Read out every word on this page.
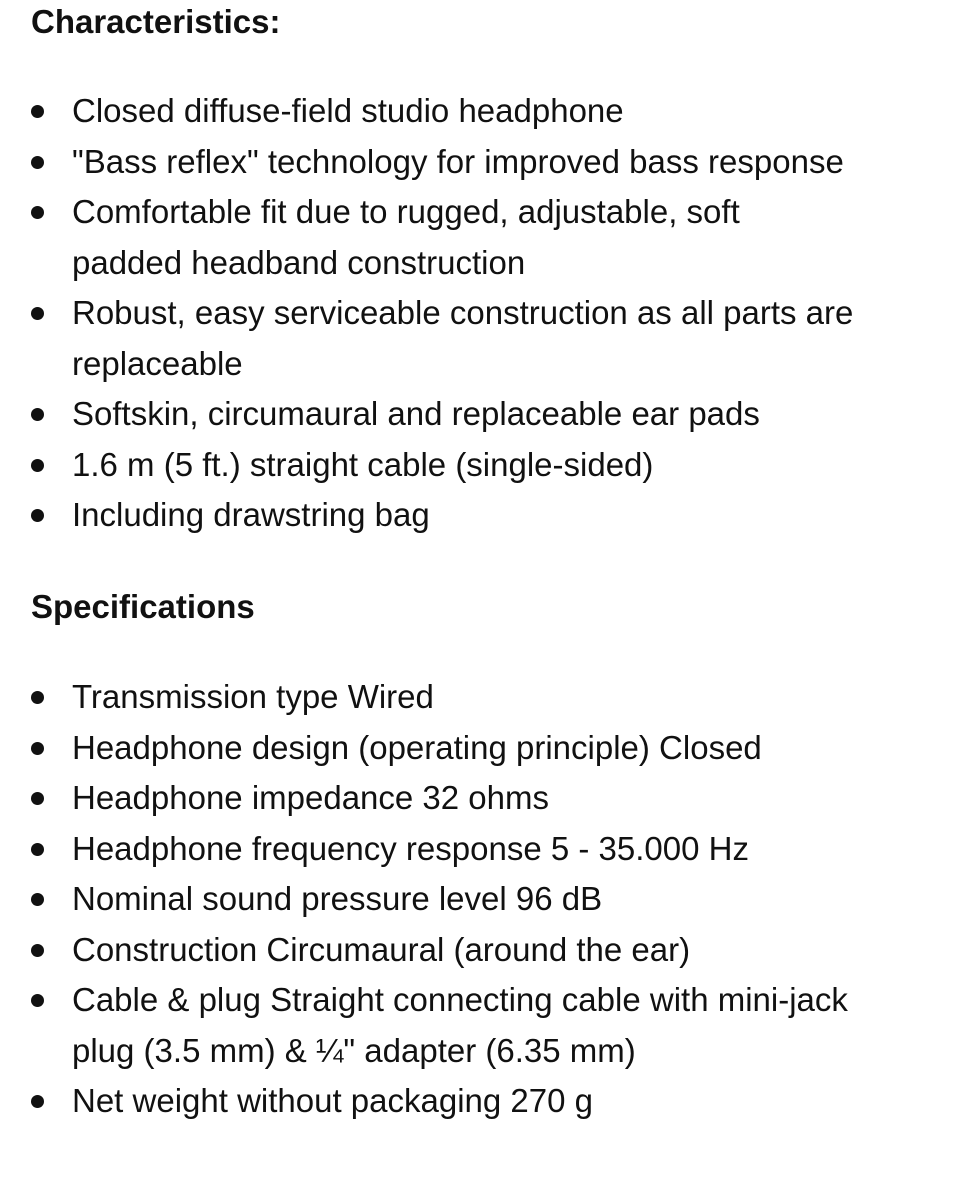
Characteristics:
Closed diffuse-field studio headphone
"Bass reflex" technology for improved bass response
Comfortable fit due to rugged, adjustable, soft
padded headband construction
Robust, easy serviceable construction as all parts are
replaceable
Softskin, circumaural and replaceable ear pads
1.6 m (5 ft.) straight cable (single-sided)
Including drawstring bag
Specifications
Transmission type Wired
Headphone design (operating principle) Closed
Headphone impedance 32 ohms
Headphone frequency response 5 - 35.000 Hz
Nominal sound pressure level 96 dB
Construction Circumaural (around the ear)
Cable & plug Straight connecting cable with mini-jack
plug (3.5 mm) & ¼" adapter (6.35 mm)
Net weight without packaging 270 g
